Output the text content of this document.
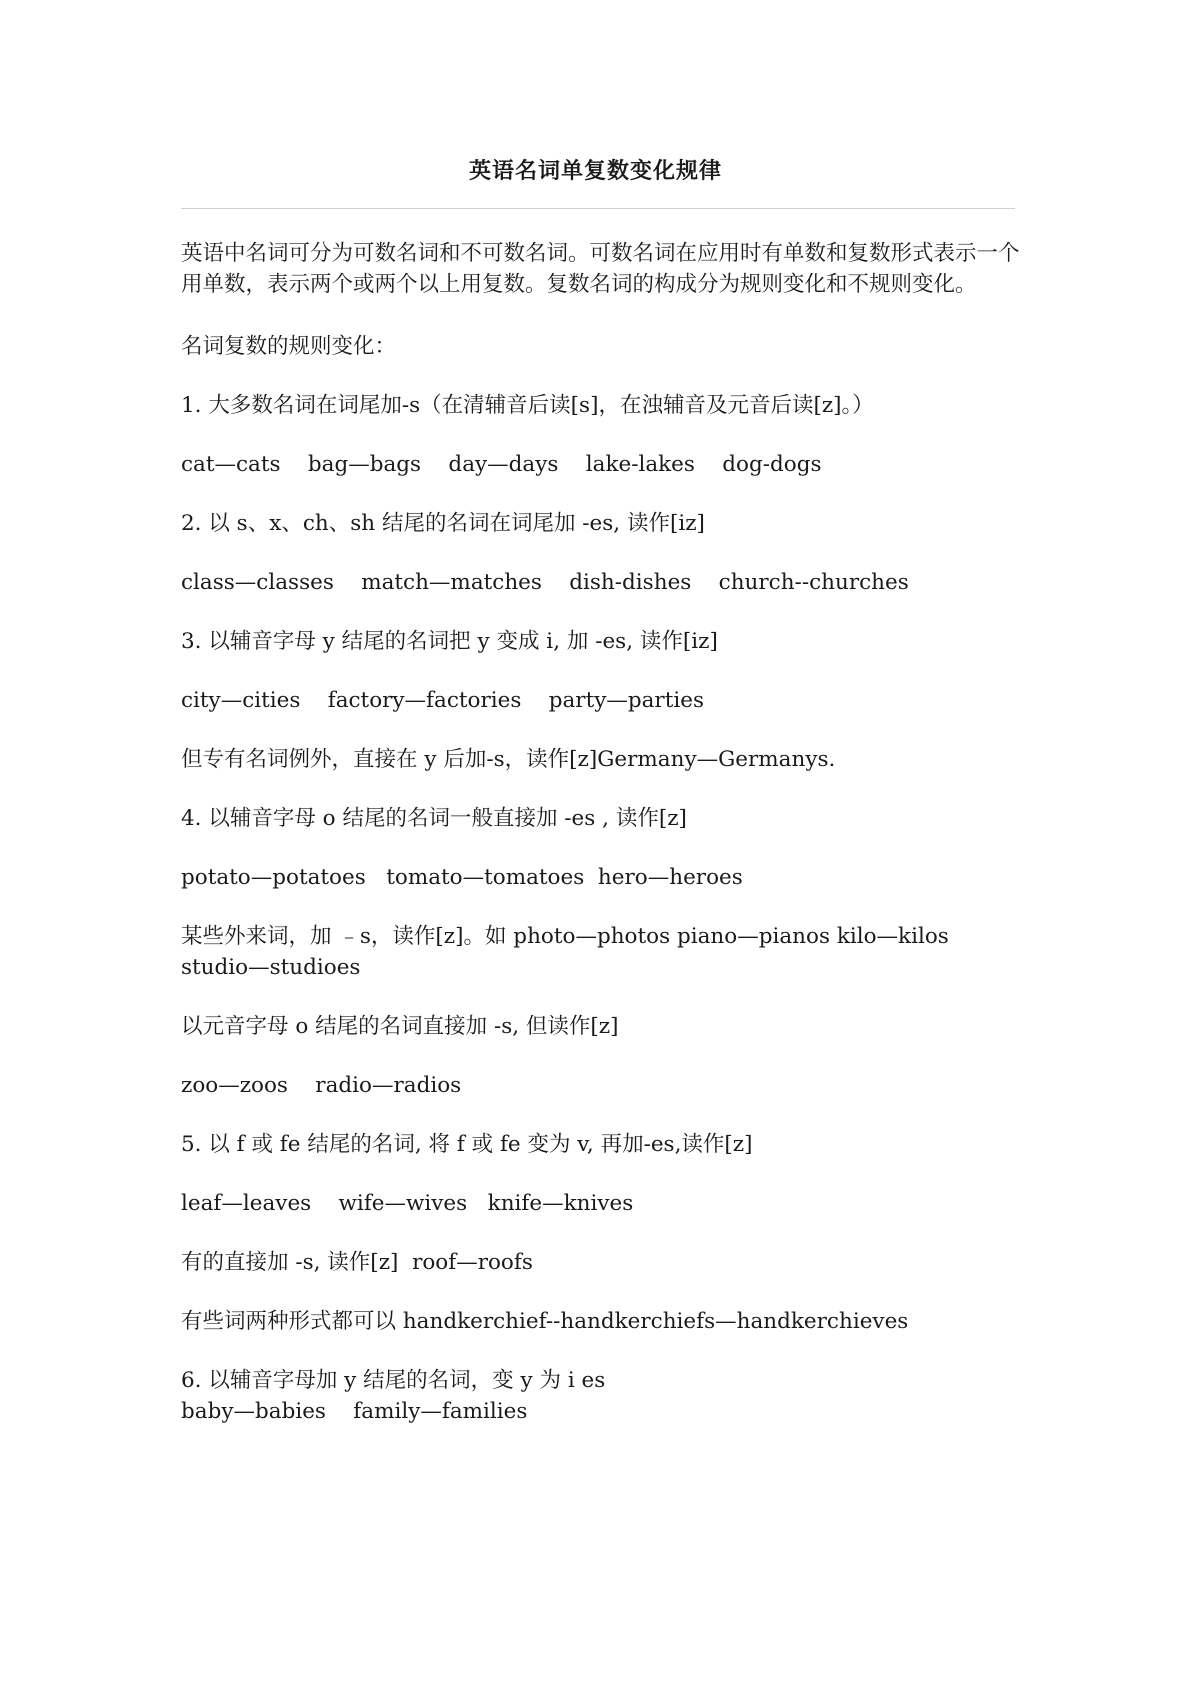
英语名词单复数变化规律

英语中名词可分为可数名词和不可数名词。可数名词在应用时有单数和复数形式表示一个用单数，表示两个或两个以上用复数。复数名词的构成分为规则变化和不规则变化。

名词复数的规则变化：

1. 大多数名词在词尾加-s（在清辅音后读[s]，在浊辅音及元音后读[z]。）

cat—cats    bag—bags    day—days    lake-lakes    dog-dogs

2. 以 s、x、ch、sh 结尾的名词在词尾加 -es, 读作[iz]

class—classes    match—matches    dish-dishes    church--churches

3. 以辅音字母 y 结尾的名词把 y 变成 i, 加 -es, 读作[iz]

city—cities    factory—factories    party—parties

但专有名词例外，直接在 y 后加-s，读作[z]Germany—Germanys.

4. 以辅音字母 o 结尾的名词一般直接加 -es , 读作[z]

potato—potatoes   tomato—tomatoes  hero—heroes

某些外来词，加 ﹣s，读作[z]。如 photo—photos piano—pianos kilo—kilos studio—studioes

以元音字母 o 结尾的名词直接加 -s, 但读作[z]

zoo—zoos    radio—radios

5. 以 f 或 fe 结尾的名词, 将 f 或 fe 变为 v, 再加-es,读作[z]

leaf—leaves    wife—wives   knife—knives

有的直接加 -s, 读作[z]  roof—roofs

有些词两种形式都可以 handkerchief--handkerchiefs—handkerchieves

6. 以辅音字母加 y 结尾的名词，变 y 为 i es

baby—babies    family—families
